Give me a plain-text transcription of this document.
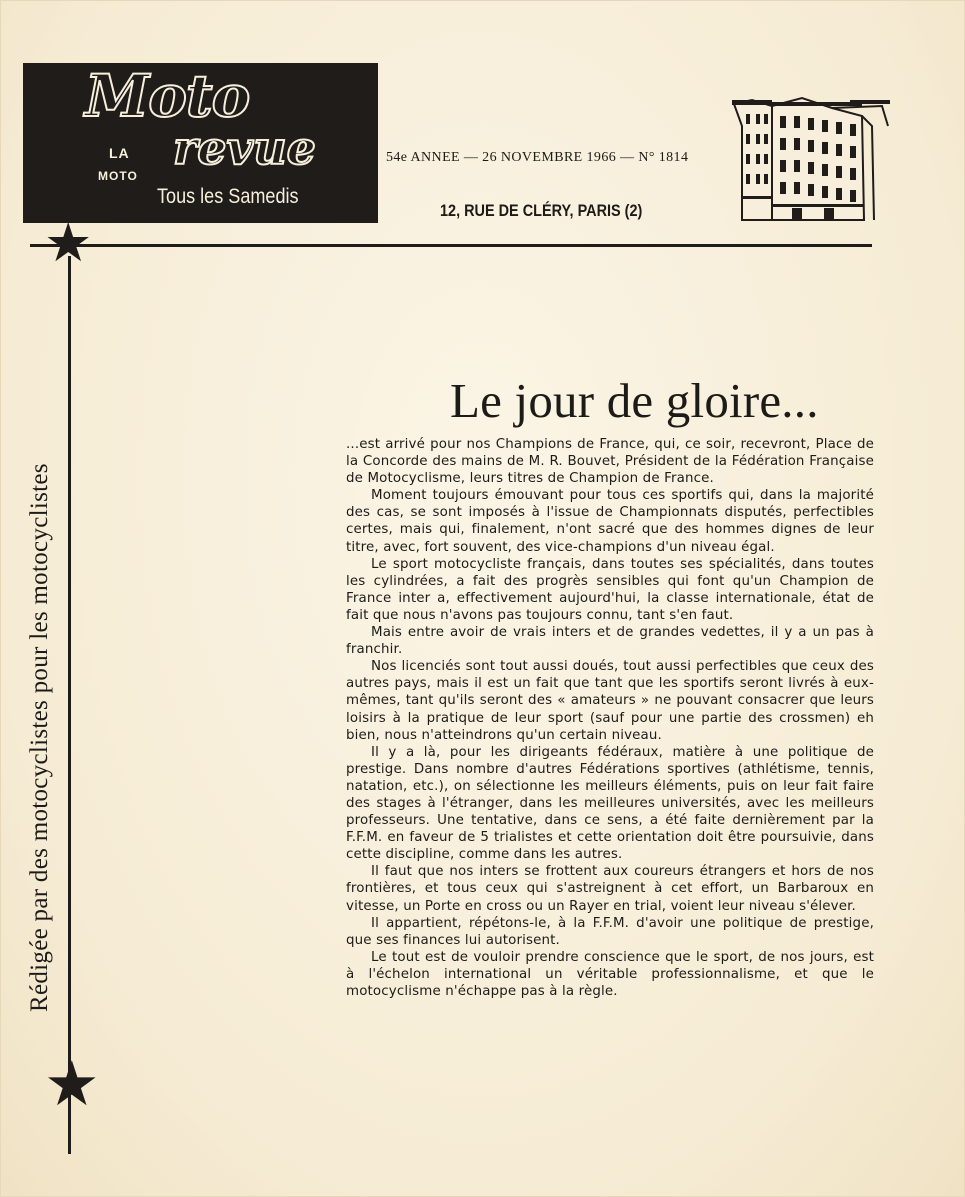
Moto
LA
MOTO
revue
Tous les Samedis
54e ANNEE — 26 NOVEMBRE 1966 — N° 1814
12, RUE DE CLÉRY, PARIS (2)
★
★
Rédigée par des motocyclistes pour les motocyclistes
Le jour de gloire...

...est arrivé pour nos Champions de France, qui, ce soir, recevront, Place de la Concorde des mains de M. R. Bouvet, Président de la Fédération Française de Motocyclisme, leurs titres de Champion de France.

Moment toujours émouvant pour tous ces sportifs qui, dans la majorité des cas, se sont imposés à l'issue de Championnats disputés, perfectibles certes, mais qui, finalement, n'ont sacré que des hommes dignes de leur titre, avec, fort souvent, des vice-champions d'un niveau égal.

Le sport motocycliste français, dans toutes ses spécialités, dans toutes les cylindrées, a fait des progrès sensibles qui font qu'un Champion de France inter a, effectivement aujourd'hui, la classe internationale, état de fait que nous n'avons pas toujours connu, tant s'en faut.

Mais entre avoir de vrais inters et de grandes vedettes, il y a un pas à franchir.

Nos licenciés sont tout aussi doués, tout aussi perfectibles que ceux des autres pays, mais il est un fait que tant que les sportifs seront livrés à eux-mêmes, tant qu'ils seront des « amateurs » ne pouvant consacrer que leurs loisirs à la pratique de leur sport (sauf pour une partie des crossmen) eh bien, nous n'atteindrons qu'un certain niveau.

Il y a là, pour les dirigeants fédéraux, matière à une politique de prestige. Dans nombre d'autres Fédérations sportives (athlétisme, tennis, natation, etc.), on sélectionne les meilleurs éléments, puis on leur fait faire des stages à l'étranger, dans les meilleures universités, avec les meilleurs professeurs. Une tentative, dans ce sens, a été faite dernièrement par la F.F.M. en faveur de 5 trialistes et cette orientation doit être poursuivie, dans cette discipline, comme dans les autres.

Il faut que nos inters se frottent aux coureurs étrangers et hors de nos frontières, et tous ceux qui s'astreignent à cet effort, un Barbaroux en vitesse, un Porte en cross ou un Rayer en trial, voient leur niveau s'élever.

Il appartient, répétons-le, à la F.F.M. d'avoir une politique de prestige, que ses finances lui autorisent.

Le tout est de vouloir prendre conscience que le sport, de nos jours, est à l'échelon international un véritable professionnalisme, et que le motocyclisme n'échappe pas à la règle.
